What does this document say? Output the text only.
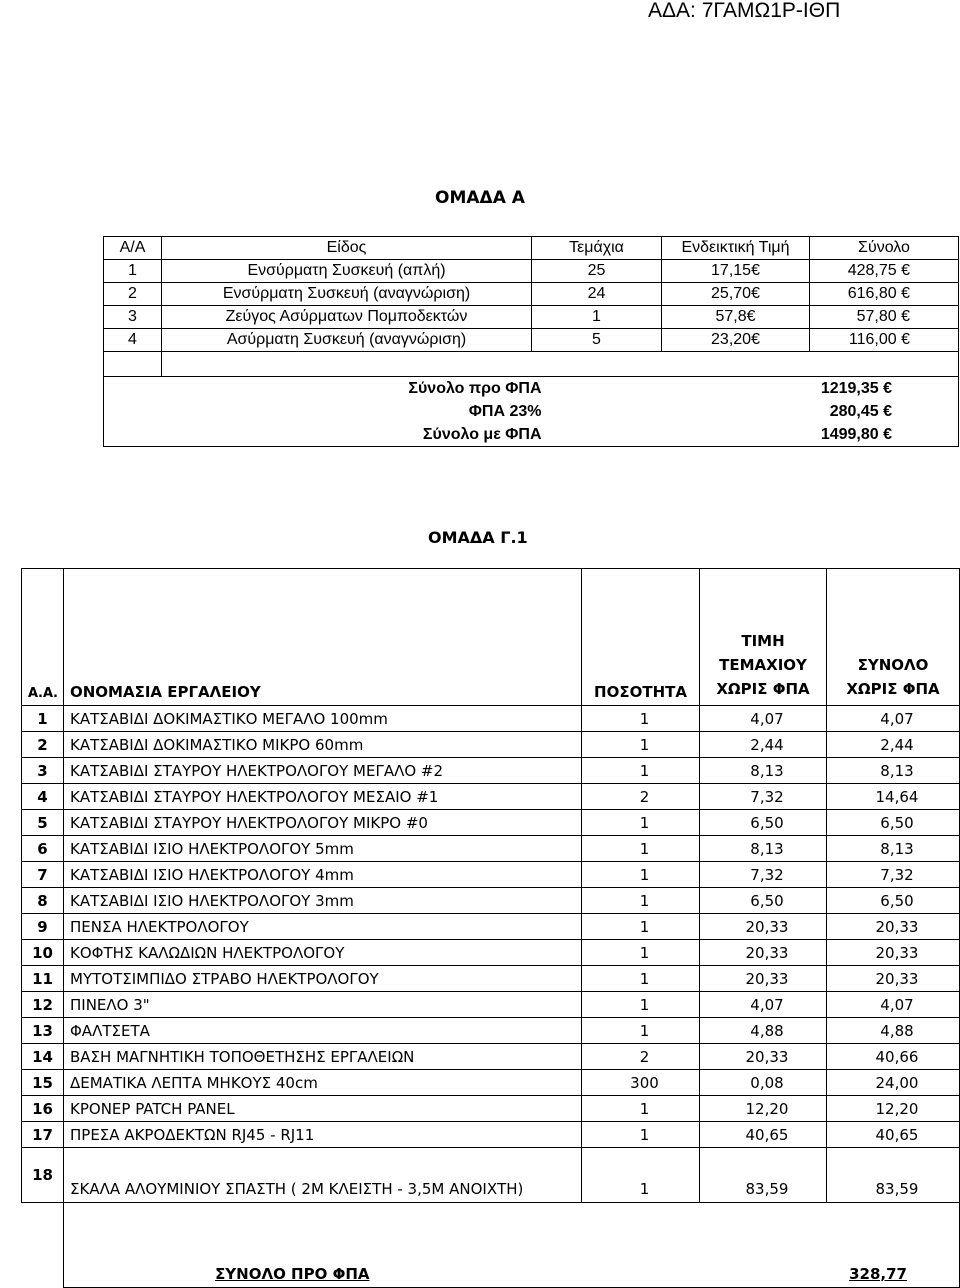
ΑΔΑ: 7ΓΑΜΩ1Ρ-ΙΘΠ
ΟΜΑΔΑ Α
Α/Α	Είδος	Τεμάχια	Ενδεικτική Τιμή	Σύνολο
1	Ενσύρματη Συσκευή (απλή)	25	17,15€	428,75 €
2	Ενσύρματη Συσκευή (αναγνώριση)	24	25,70€	616,80 €
3	Ζεύγος Ασύρματων Πομποδεκτών	1	57,8€	57,80 €
4	Ασύρματη Συσκευή (αναγνώριση)	5	23,20€	116,00 €

Σύνολο προ ΦΠΑ			1219,35 €	
ΦΠΑ 23%			280,45 €	
Σύνολο με ΦΠΑ			1499,80 €	
ΟΜΑΔΑ Γ.1
Α.Α.	ΟΝΟΜΑΣΙΑ ΕΡΓΑΛΕΙΟΥ	ΠΟΣΟΤΗΤΑ	ΤΙΜΗ ΤΕΜΑΧΙΟΥ ΧΩΡΙΣ ΦΠΑ	ΣΥΝΟΛΟ ΧΩΡΙΣ ΦΠΑ
1	ΚΑΤΣΑΒΙΔΙ ΔΟΚΙΜΑΣΤΙΚΟ ΜΕΓΑΛΟ 100mm	1	4,07	4,07
2	ΚΑΤΣΑΒΙΔΙ ΔΟΚΙΜΑΣΤΙΚΟ ΜΙΚΡΟ 60mm	1	2,44	2,44
3	ΚΑΤΣΑΒΙΔΙ ΣΤΑΥΡΟΥ ΗΛΕΚΤΡΟΛΟΓΟΥ ΜΕΓΑΛΟ #2	1	8,13	8,13
4	ΚΑΤΣΑΒΙΔΙ ΣΤΑΥΡΟΥ ΗΛΕΚΤΡΟΛΟΓΟΥ ΜΕΣΑΙΟ #1	2	7,32	14,64
5	ΚΑΤΣΑΒΙΔΙ ΣΤΑΥΡΟΥ ΗΛΕΚΤΡΟΛΟΓΟΥ ΜΙΚΡΟ #0	1	6,50	6,50
6	ΚΑΤΣΑΒΙΔΙ ΙΣΙΟ ΗΛΕΚΤΡΟΛΟΓΟΥ 5mm	1	8,13	8,13
7	ΚΑΤΣΑΒΙΔΙ ΙΣΙΟ ΗΛΕΚΤΡΟΛΟΓΟΥ 4mm	1	7,32	7,32
8	ΚΑΤΣΑΒΙΔΙ ΙΣΙΟ ΗΛΕΚΤΡΟΛΟΓΟΥ 3mm	1	6,50	6,50
9	ΠΕΝΣΑ ΗΛΕΚΤΡΟΛΟΓΟΥ	1	20,33	20,33
10	ΚΟΦΤΗΣ ΚΑΛΩΔΙΩΝ ΗΛΕΚΤΡΟΛΟΓΟΥ	1	20,33	20,33
11	ΜΥΤΟΤΣΙΜΠΙΔΟ ΣΤΡΑΒΟ ΗΛΕΚΤΡΟΛΟΓΟΥ	1	20,33	20,33
12	ΠΙΝΕΛΟ 3"	1	4,07	4,07
13	ΦΑΛΤΣΕΤΑ	1	4,88	4,88
14	ΒΑΣΗ ΜΑΓΝΗΤΙΚΗ ΤΟΠΟΘΕΤΗΣΗΣ ΕΡΓΑΛΕΙΩΝ	2	20,33	40,66
15	ΔΕΜΑΤΙΚΑ ΛΕΠΤΑ ΜΗΚΟΥΣ 40cm	300	0,08	24,00
16	ΚΡΟΝΕΡ PATCH PANEL	1	12,20	12,20
17	ΠΡΕΣΑ ΑΚΡΟΔΕΚΤΩΝ RJ45 - RJ11	1	40,65	40,65
18	ΣΚΑΛΑ ΑΛΟΥΜΙΝΙΟΥ ΣΠΑΣΤΗ ( 2Μ ΚΛΕΙΣΤΗ - 3,5Μ ΑΝΟΙΧΤΗ)	1	83,59	83,59

	ΣΥΝΟΛΟ ΠΡΟ ΦΠΑ			328,77
